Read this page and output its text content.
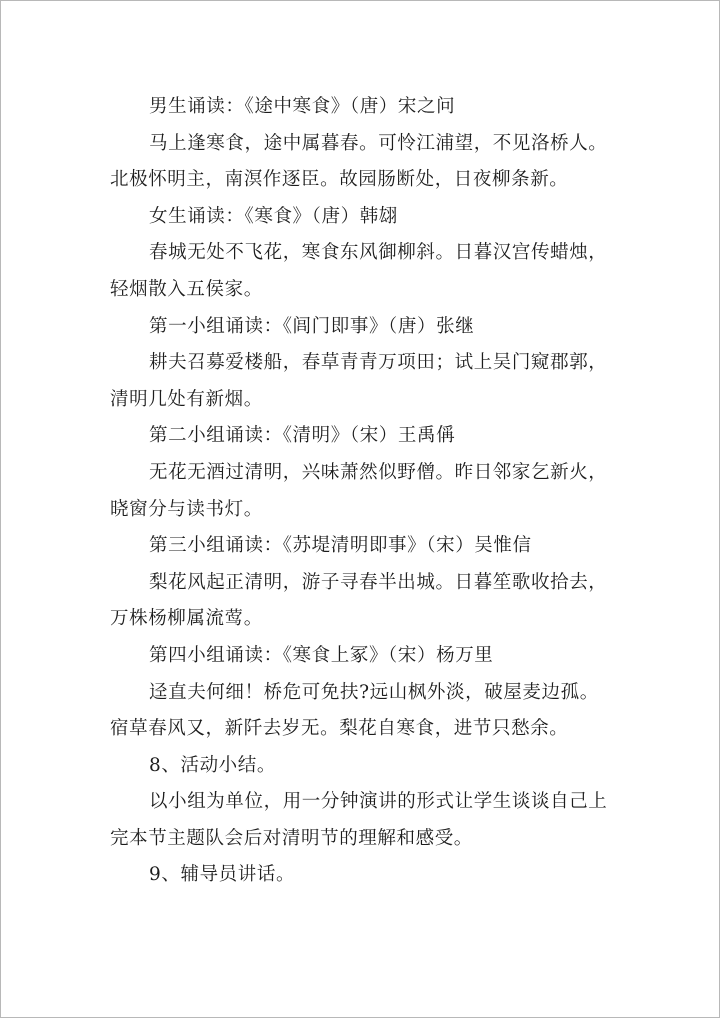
男生诵读：《途中寒食》（唐）宋之问
马上逢寒食，途中属暮春。可怜江浦望，不见洛桥人。
北极怀明主，南溟作逐臣。故园肠断处，日夜柳条新。
女生诵读：《寒食》（唐）韩翃
春城无处不飞花，寒食东风御柳斜。日暮汉宫传蜡烛，
轻烟散入五侯家。
第一小组诵读：《闾门即事》（唐）张继
耕夫召募爱楼船，春草青青万项田；试上吴门窥郡郭，
清明几处有新烟。
第二小组诵读：《清明》（宋）王禹偁
无花无酒过清明，兴味萧然似野僧。昨日邻家乞新火，
晓窗分与读书灯。
第三小组诵读：《苏堤清明即事》（宋）吴惟信
梨花风起正清明，游子寻春半出城。日暮笙歌收拾去，
万株杨柳属流莺。
第四小组诵读：《寒食上冢》（宋）杨万里
迳直夫何细！桥危可免扶?远山枫外淡，破屋麦边孤。
宿草春风又，新阡去岁无。梨花自寒食，进节只愁余。
8、活动小结。
以小组为单位，用一分钟演讲的形式让学生谈谈自己上
完本节主题队会后对清明节的理解和感受。
9、辅导员讲话。
